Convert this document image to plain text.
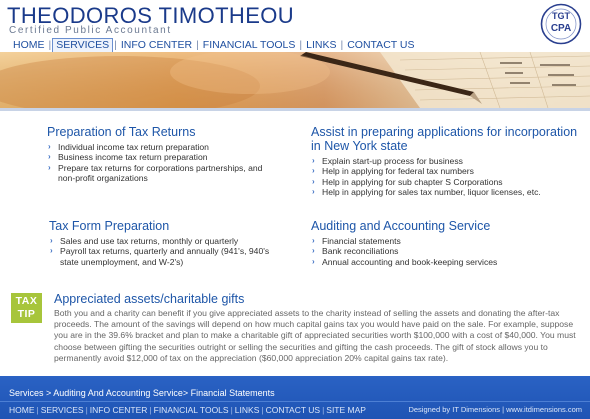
THEODOROS TIMOTHEOU
Certified Public Accountant
TGT
CPA
HOME | SERVICES | INFO CENTER | FINANCIAL TOOLS | LINKS | CONTACT US
Preparation of Tax Returns
› Individual income tax return preparation
› Business income tax return preparation
› Prepare tax returns for corporations partnerships, and non-profit organizations
Assist in preparing applications for incorporation in New York state
› Explain start-up process for business
› Help in applying for federal tax numbers
› Help in applying for sub chapter S Corporations
› Help in applying for sales tax number, liquor licenses, etc.
Tax Form Preparation
› Sales and use tax returns, monthly or quarterly
› Payroll tax returns, quarterly and annually (941's, 940's state unemployment, and W-2's)
Auditing and Accounting Service
› Financial statements
› Bank reconciliations
› Annual accounting and book-keeping services
TAX
TIP
Appreciated assets/charitable gifts
Both you and a charity can benefit if you give appreciated assets to the charity instead of selling the assets and donating the after-tax proceeds. The amount of the savings will depend on how much capital gains tax you would have paid on the sale. For example, suppose you are in the 39.6% bracket and plan to make a charitable gift of appreciated securities worth $100,000 with a cost of $40,000. You must choose between gifting the securities outright or selling the securities and gifting the cash proceeds. The gift of stock allows you to permanently avoid $12,000 of tax on the appreciation ($60,000 appreciation 20% capital gains tax rate).
Services > Auditing And Accounting Service> Financial Statements
HOME | SERVICES | INFO CENTER | FINANCIAL TOOLS | LINKS | CONTACT US | SITE MAP	Designed by IT Dimensions | www.itdimensions.com
